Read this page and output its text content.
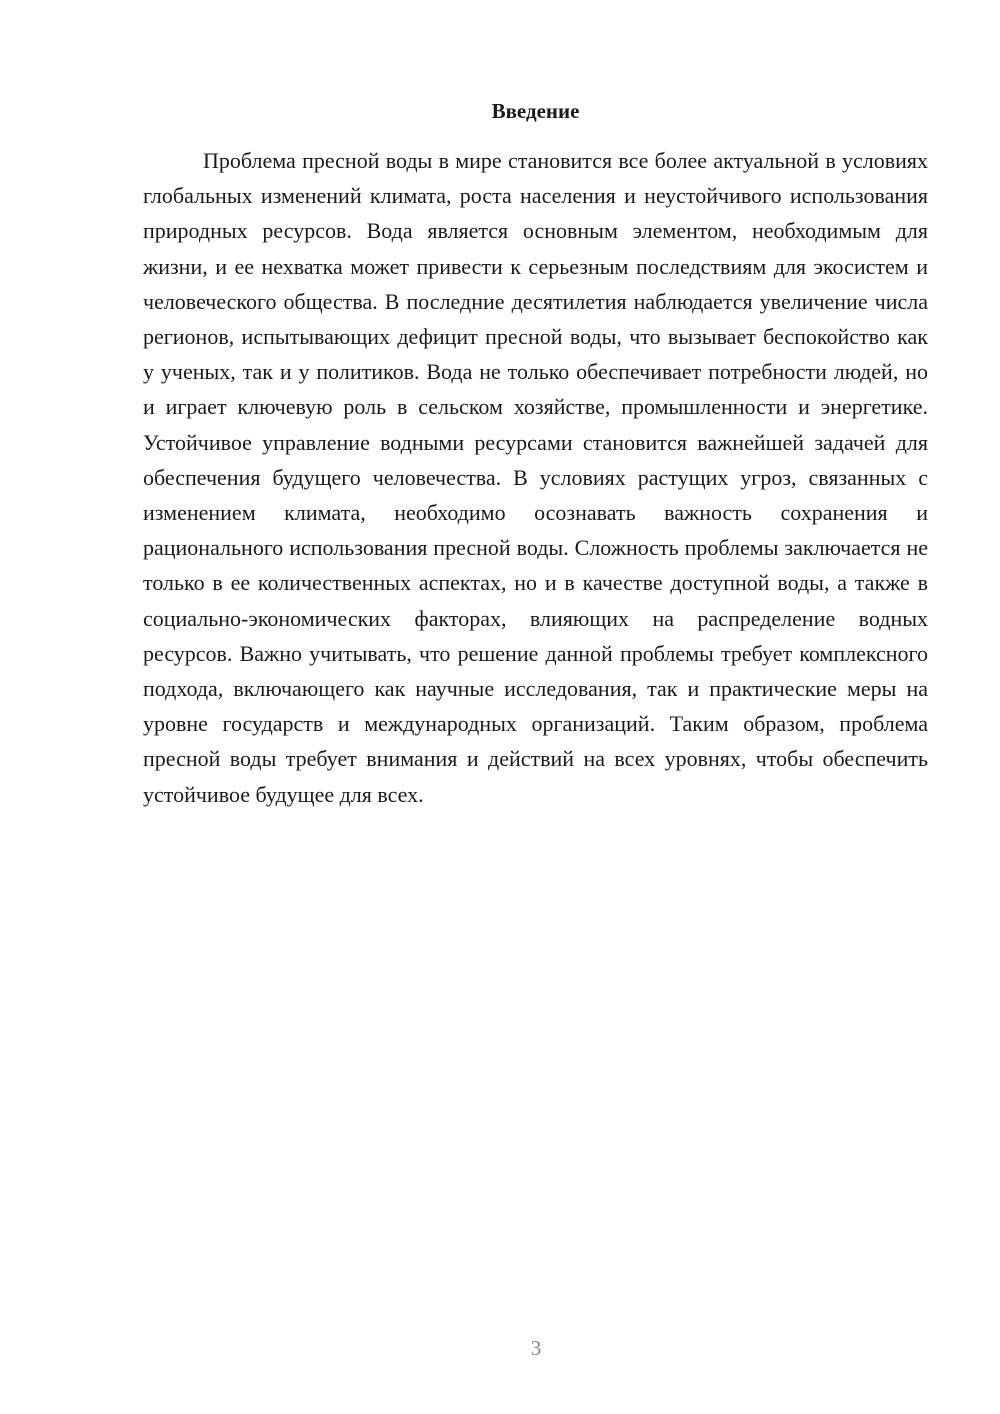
Введение

Проблема пресной воды в мире становится все более актуальной в условиях глобальных изменений климата, роста населения и неустойчивого использования природных ресурсов. Вода является основным элементом, необходимым для жизни, и ее нехватка может привести к серьезным последствиям для экосистем и человеческого общества. В последние десятилетия наблюдается увеличение числа регионов, испытывающих дефицит пресной воды, что вызывает беспокойство как у ученых, так и у политиков. Вода не только обеспечивает потребности людей, но и играет ключевую роль в сельском хозяйстве, промышленности и энергетике. Устойчивое управление водными ресурсами становится важнейшей задачей для обеспечения будущего человечества. В условиях растущих угроз, связанных с изменением климата, необходимо осознавать важность сохранения и рационального использования пресной воды. Сложность проблемы заключается не только в ее количественных аспектах, но и в качестве доступной воды, а также в социально-экономических факторах, влияющих на распределение водных ресурсов. Важно учитывать, что решение данной проблемы требует комплексного подхода, включающего как научные исследования, так и практические меры на уровне государств и международных организаций. Таким образом, проблема пресной воды требует внимания и действий на всех уровнях, чтобы обеспечить устойчивое будущее для всех.

3
